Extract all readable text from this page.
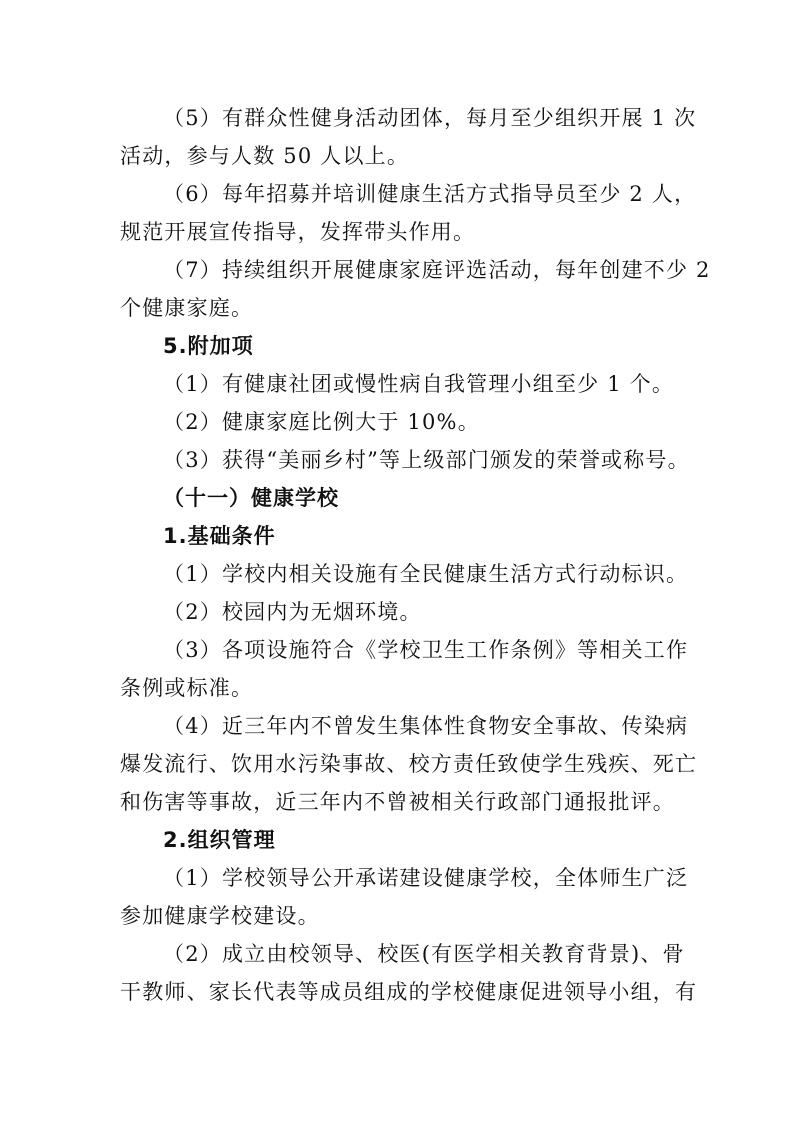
（5）有群众性健身活动团体，每月至少组织开展 1 次
活动，参与人数 50 人以上。
（6）每年招募并培训健康生活方式指导员至少 2 人，
规范开展宣传指导，发挥带头作用。
（7）持续组织开展健康家庭评选活动，每年创建不少 2
个健康家庭。
5.附加项
（1）有健康社团或慢性病自我管理小组至少 1 个。
（2）健康家庭比例大于 10%。
（3）获得“美丽乡村”等上级部门颁发的荣誉或称号。
（十一）健康学校
1.基础条件
（1）学校内相关设施有全民健康生活方式行动标识。
（2）校园内为无烟环境。
（3）各项设施符合《学校卫生工作条例》等相关工作
条例或标准。
（4）近三年内不曾发生集体性食物安全事故、传染病
爆发流行、饮用水污染事故、校方责任致使学生残疾、死亡
和伤害等事故，近三年内不曾被相关行政部门通报批评。
2.组织管理
（1）学校领导公开承诺建设健康学校，全体师生广泛
参加健康学校建设。
（2）成立由校领导、校医(有医学相关教育背景)、骨
干教师、家长代表等成员组成的学校健康促进领导小组，有
